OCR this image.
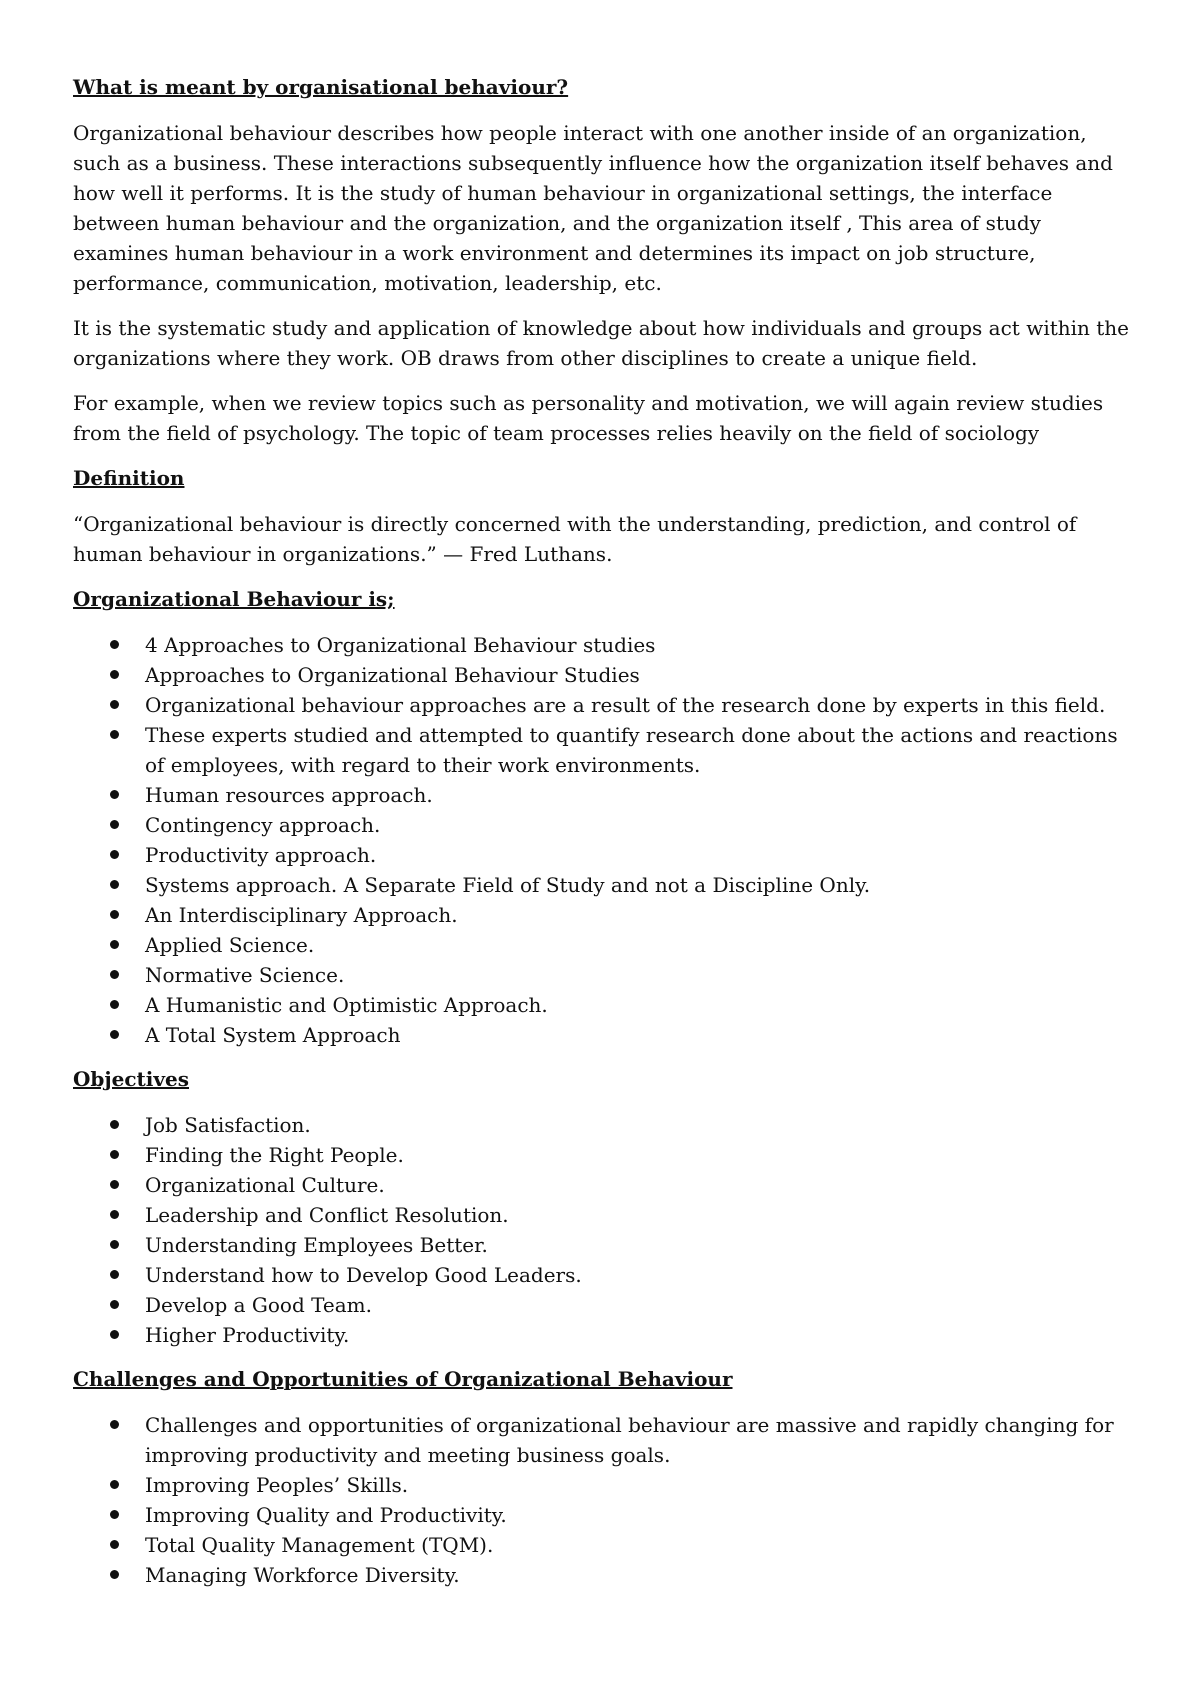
What is meant by organisational behaviour?

Organizational behaviour describes how people interact with one another inside of an organization, such as a business. These interactions subsequently influence how the organization itself behaves and how well it performs. It is the study of human behaviour in organizational settings, the interface between human behaviour and the organization, and the organization itself , This area of study examines human behaviour in a work environment and determines its impact on job structure, performance, communication, motivation, leadership, etc.

It is the systematic study and application of knowledge about how individuals and groups act within the organizations where they work. OB draws from other disciplines to create a unique field.

For example, when we review topics such as personality and motivation, we will again review studies from the field of psychology. The topic of team processes relies heavily on the field of sociology

Definition

“Organizational behaviour is directly concerned with the understanding, prediction, and control of human behaviour in organizations.” — Fred Luthans.

Organizational Behaviour is;
4 Approaches to Organizational Behaviour studies
Approaches to Organizational Behaviour Studies
Organizational behaviour approaches are a result of the research done by experts in this field.
These experts studied and attempted to quantify research done about the actions and reactions of employees, with regard to their work environments.
Human resources approach.
Contingency approach.
Productivity approach.
Systems approach. A Separate Field of Study and not a Discipline Only.
An Interdisciplinary Approach.
Applied Science.
Normative Science.
A Humanistic and Optimistic Approach.
A Total System Approach
Objectives
Job Satisfaction.
Finding the Right People.
Organizational Culture.
Leadership and Conflict Resolution.
Understanding Employees Better.
Understand how to Develop Good Leaders.
Develop a Good Team.
Higher Productivity.
Challenges and Opportunities of Organizational Behaviour
Challenges and opportunities of organizational behaviour are massive and rapidly changing for improving productivity and meeting business goals.
Improving Peoples’ Skills.
Improving Quality and Productivity.
Total Quality Management (TQM).
Managing Workforce Diversity.
